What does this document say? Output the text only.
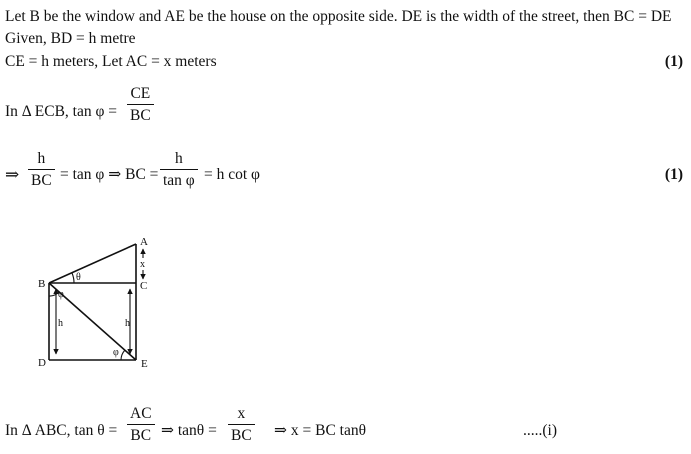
Let B be the window and AE be the house on the opposite side. DE is the width of the street, then BC = DE
Given, BD = h metre
CE = h meters, Let AC = x meters	(1)
In Δ ECB, $\tan \varphi = \frac{CE}{BC}$
⇒ $\frac{h}{BC} = \tan \varphi$ ⇒ BC = $\frac{h}{\text{tan φ}} = h$ cot φ	(1)
A
B	C
D	E
x
h	h
θ
φ
φ
In Δ ABC, $\tan \theta = \frac{AC}{BC}$ ⇒ $\tan\theta = \frac{x}{BC}$ ⇒ x = BC tanθ	.....(i)
